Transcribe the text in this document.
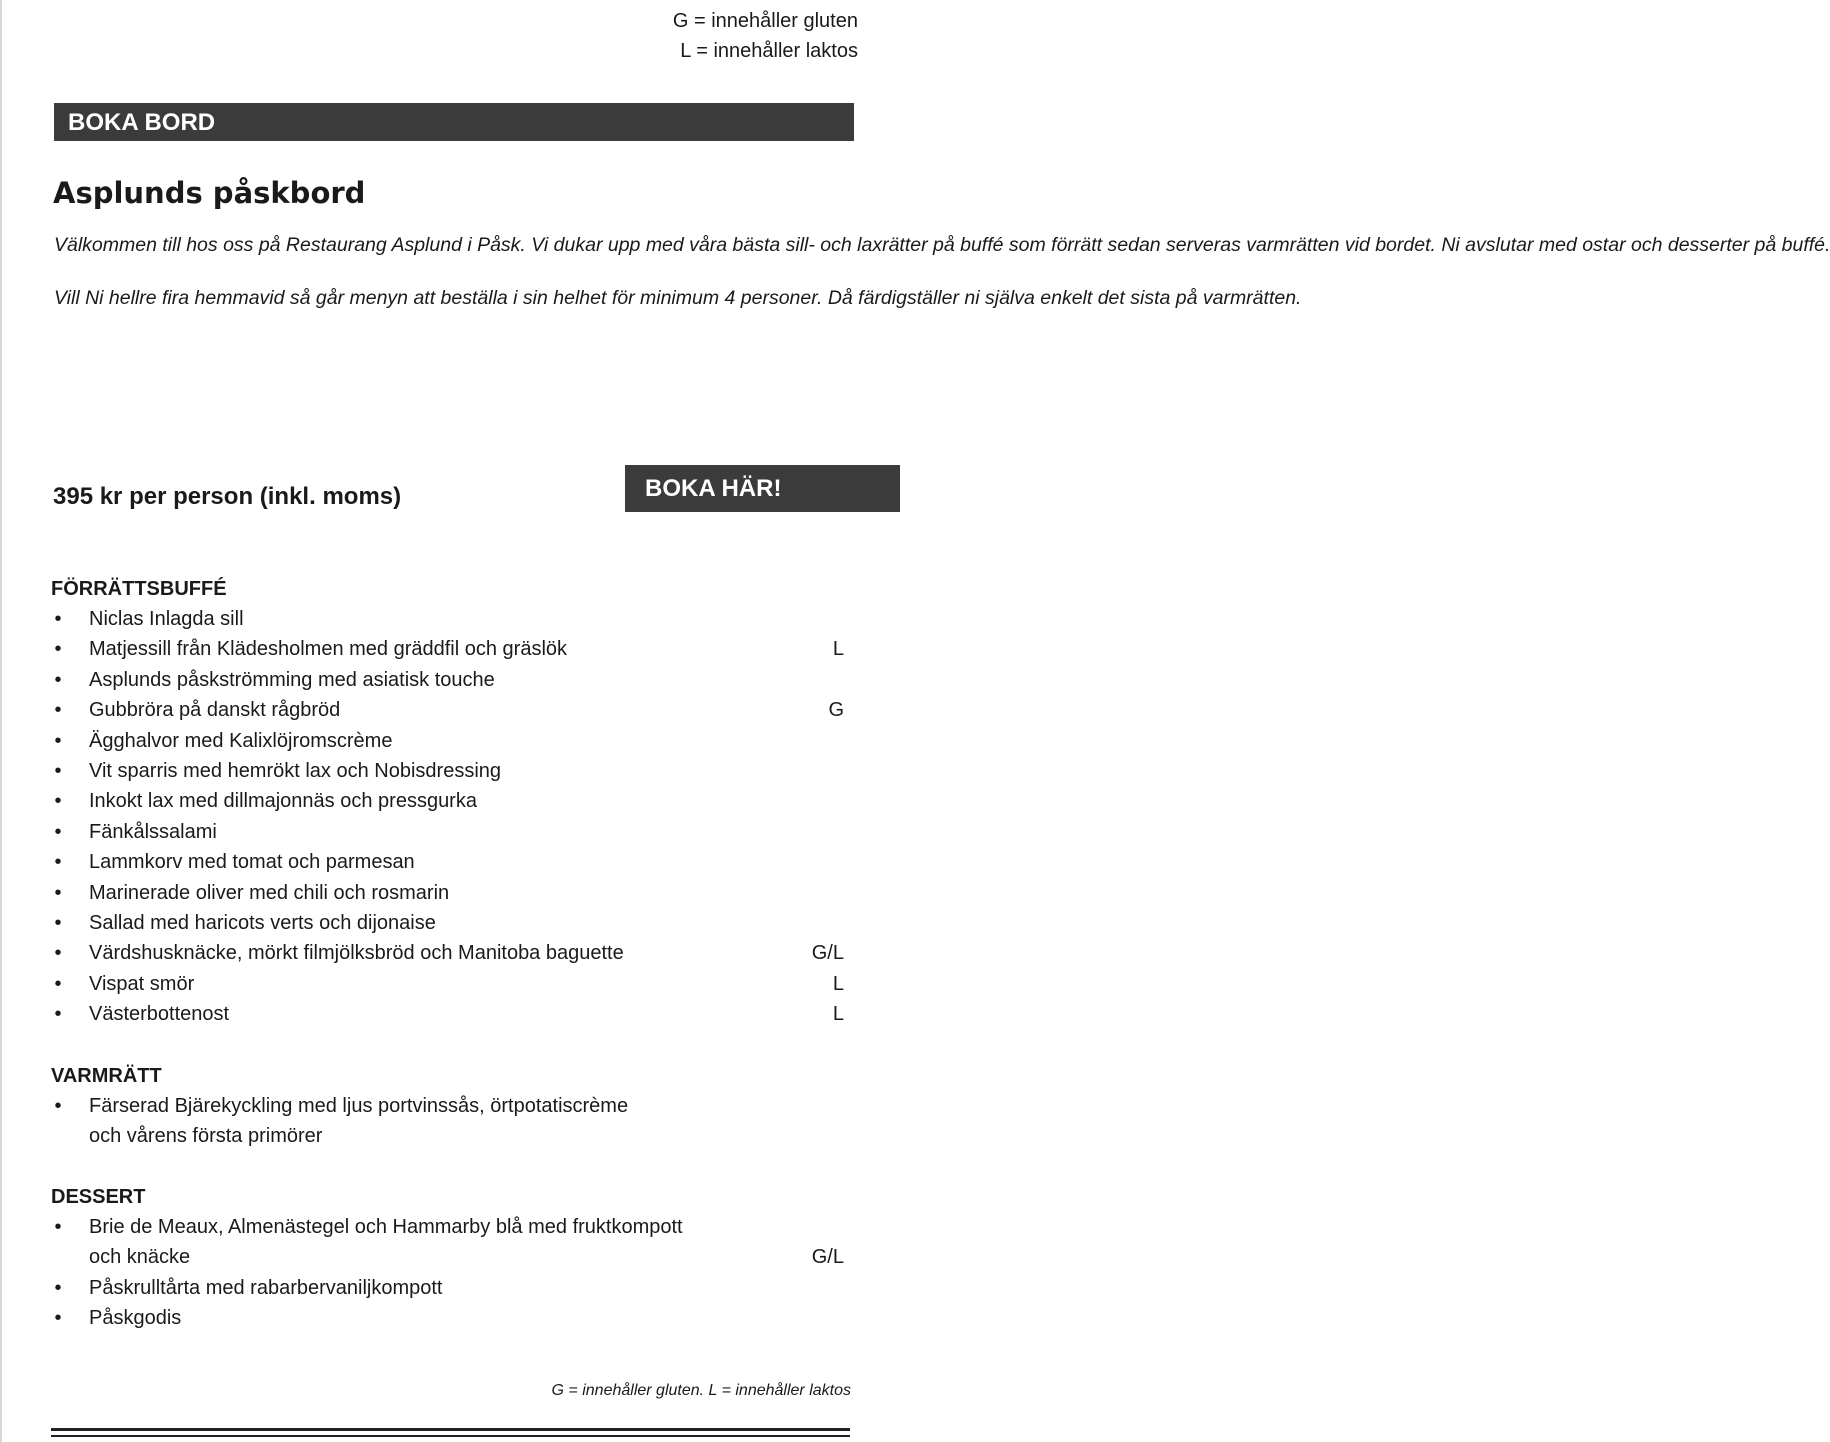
G = innehåller gluten
L = innehåller laktos
BOKA BORD
Asplunds påskbord

Välkommen till hos oss på Restaurang Asplund i Påsk. Vi dukar upp med våra bästa sill- och laxrätter på buffé som förrätt sedan serveras varmrätten vid bordet. Ni avslutar med ostar och desserter på buffé.

Vill Ni hellre fira hemmavid så går menyn att beställa i sin helhet för minimum 4 personer. Då färdigställer ni själva enkelt det sista på varmrätten.

395 kr per person (inkl. moms)	BOKA HÄR!
FÖRRÄTTSBUFFÉ
• Niclas Inlagda sill
• Matjessill från Klädesholmen med gräddfil och gräslök	L
• Asplunds påskströmming med asiatisk touche
• Gubbröra på danskt rågbröd	G
• Ägghalvor med Kalixlöjromscrème
• Vit sparris med hemrökt lax och Nobisdressing
• Inkokt lax med dillmajonnäs och pressgurka
• Fänkålssalami
• Lammkorv med tomat och parmesan
• Marinerade oliver med chili och rosmarin
• Sallad med haricots verts och dijonaise
• Värdshusknäcke, mörkt filmjölksbröd och Manitoba baguette	G/L
• Vispat smör	L
• Västerbottenost	L
VARMRÄTT
• Färserad Bjärekyckling med ljus portvinssås, örtpotatiscrème
och vårens första primörer
DESSERT
• Brie de Meaux, Almenästegel och Hammarby blå med fruktkompott
och knäcke	G/L
• Påskrulltårta med rabarbervaniljkompott
• Påskgodis
G = innehåller gluten. L = innehåller laktos
